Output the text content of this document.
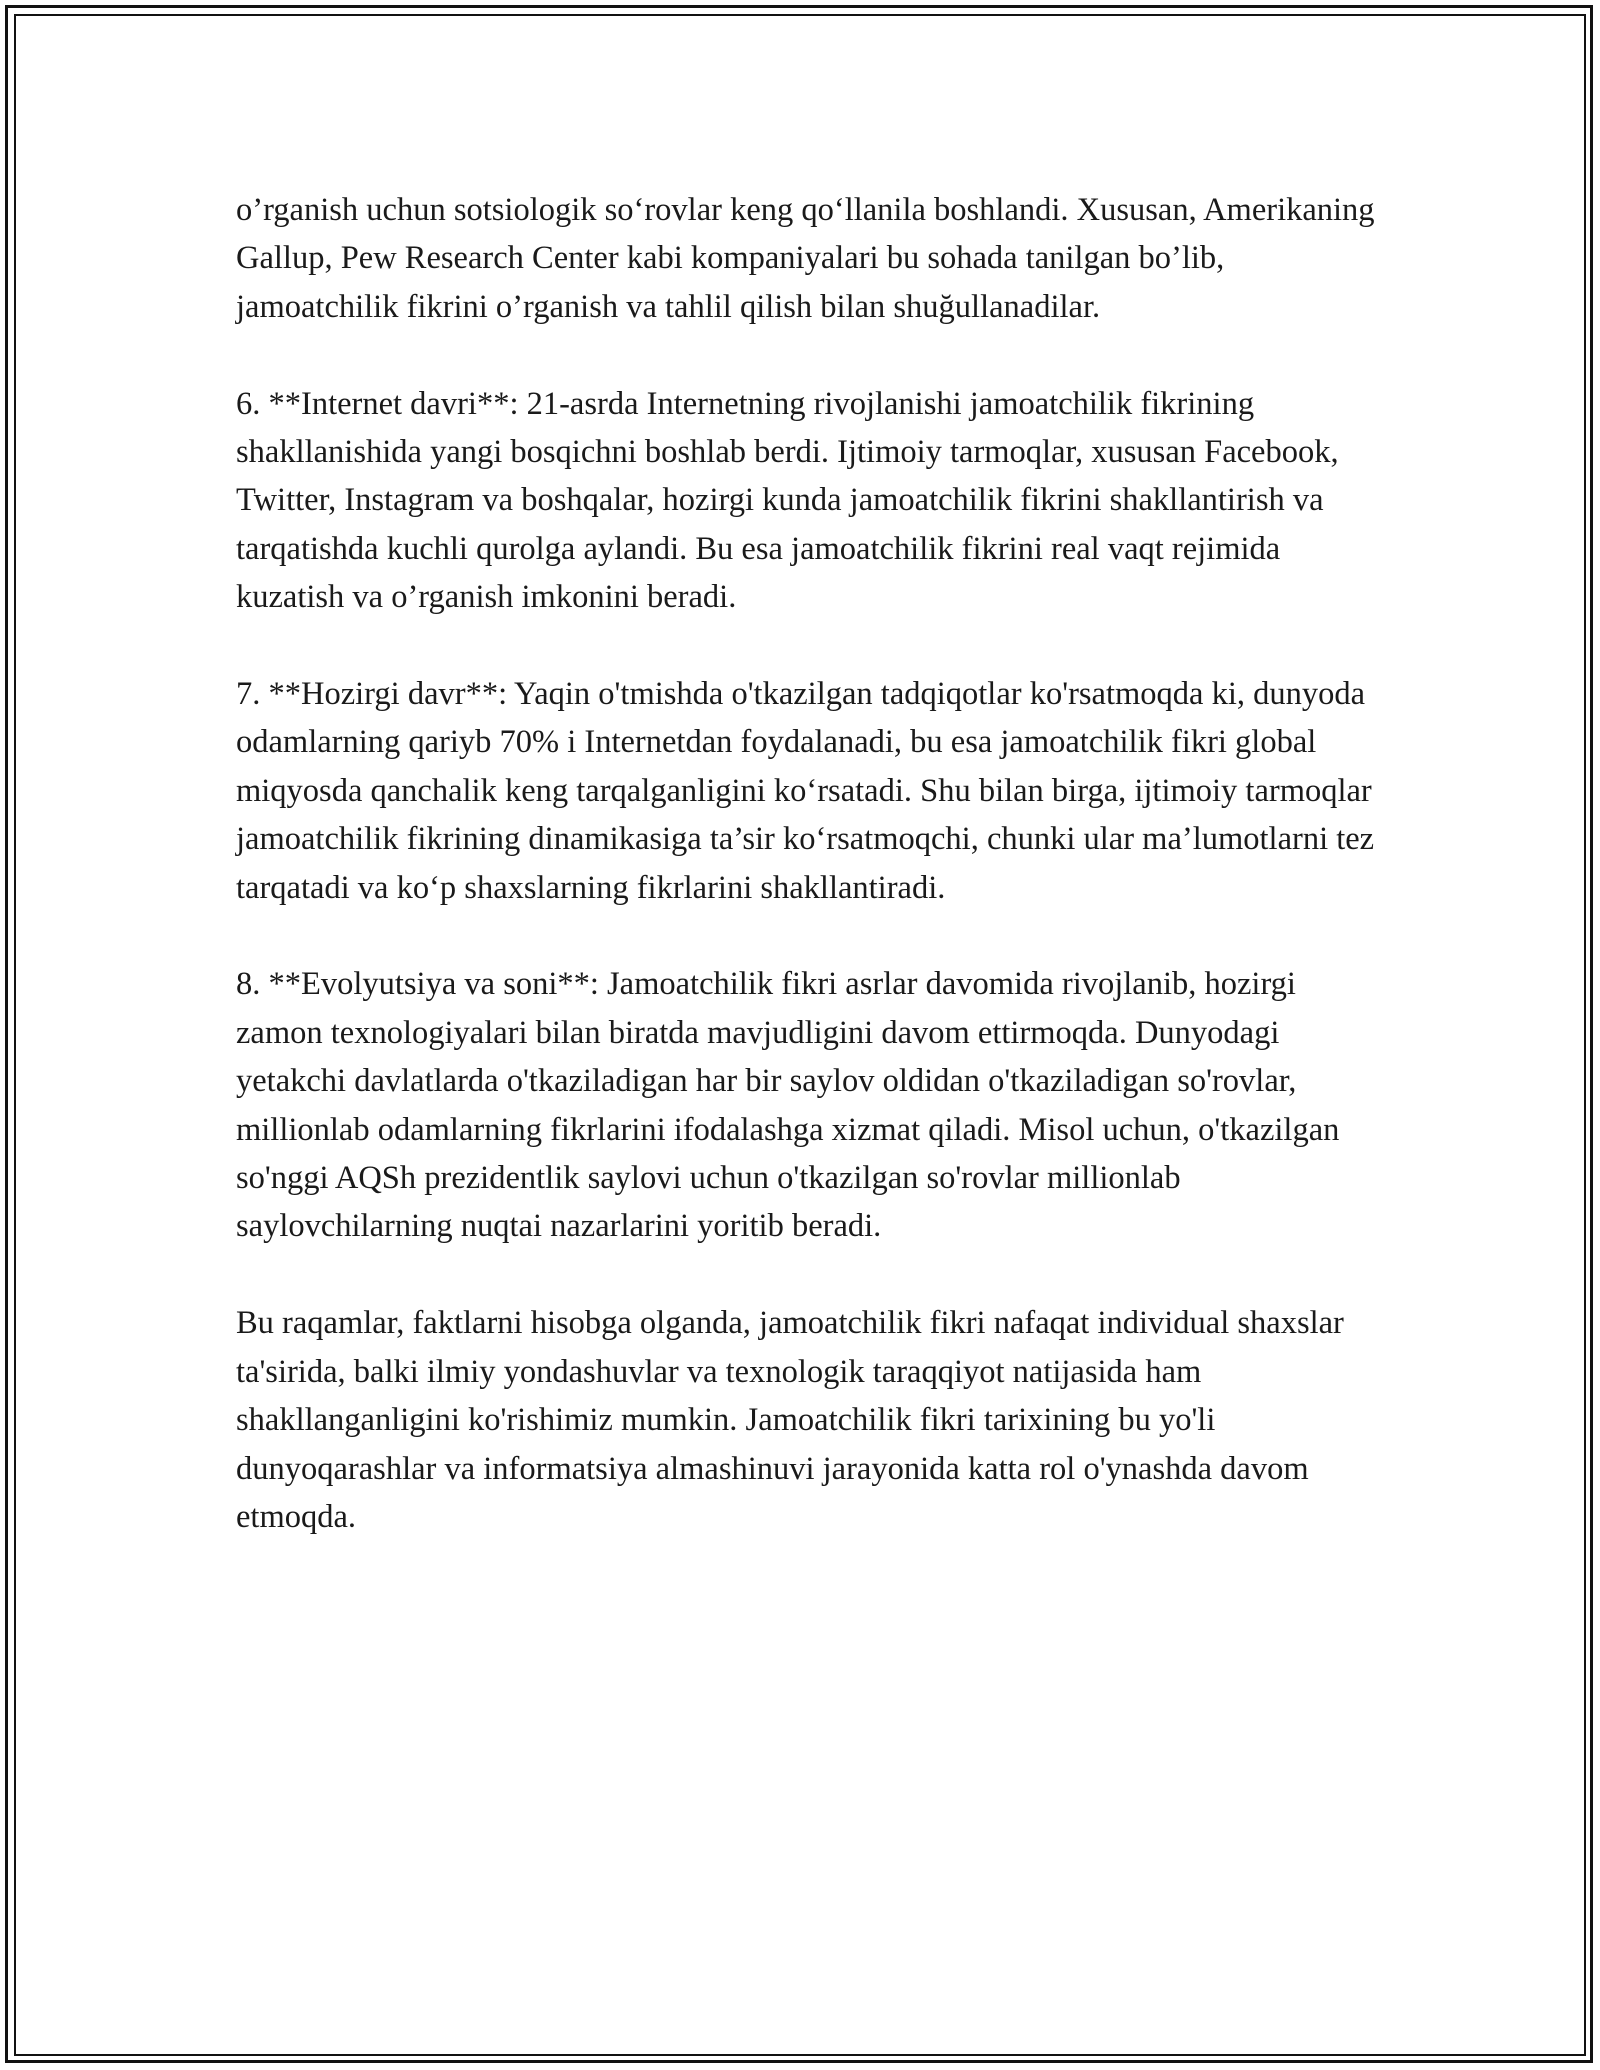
o’rganish uchun sotsiologik so‘rovlar keng qo‘llanila boshlandi. Xususan, Amerikaning Gallup, Pew Research Center kabi kompaniyalari bu sohada tanilgan bo’lib, jamoatchilik fikrini o’rganish va tahlil qilish bilan shuğullanadilar.

6. **Internet davri**: 21-asrda Internetning rivojlanishi jamoatchilik fikrining shakllanishida yangi bosqichni boshlab berdi. Ijtimoiy tarmoqlar, xususan Facebook, Twitter, Instagram va boshqalar, hozirgi kunda jamoatchilik fikrini shakllantirish va tarqatishda kuchli qurolga aylandi. Bu esa jamoatchilik fikrini real vaqt rejimida kuzatish va o’rganish imkonini beradi.

7. **Hozirgi davr**: Yaqin o'tmishda o'tkazilgan tadqiqotlar ko'rsatmoqda ki, dunyoda odamlarning qariyb 70% i Internetdan foydalanadi, bu esa jamoatchilik fikri global miqyosda qanchalik keng tarqalganligini ko‘rsatadi. Shu bilan birga, ijtimoiy tarmoqlar jamoatchilik fikrining dinamikasiga ta’sir ko‘rsatmoqchi, chunki ular ma’lumotlarni tez tarqatadi va ko‘p shaxslarning fikrlarini shakllantiradi.

8. **Evolyutsiya va soni**: Jamoatchilik fikri asrlar davomida rivojlanib, hozirgi zamon texnologiyalari bilan biratda mavjudligini davom ettirmoqda. Dunyodagi yetakchi davlatlarda o'tkaziladigan har bir saylov oldidan o'tkaziladigan so'rovlar, millionlab odamlarning fikrlarini ifodalashga xizmat qiladi. Misol uchun, o'tkazilgan so'nggi AQSh prezidentlik saylovi uchun o'tkazilgan so'rovlar millionlab saylovchilarning nuqtai nazarlarini yoritib beradi.

Bu raqamlar, faktlarni hisobga olganda, jamoatchilik fikri nafaqat individual shaxslar ta'sirida, balki ilmiy yondashuvlar va texnologik taraqqiyot natijasida ham shakllanganligini ko'rishimiz mumkin. Jamoatchilik fikri tarixining bu yo'li dunyoqarashlar va informatsiya almashinuvi jarayonida katta rol o'ynashda davom etmoqda.
